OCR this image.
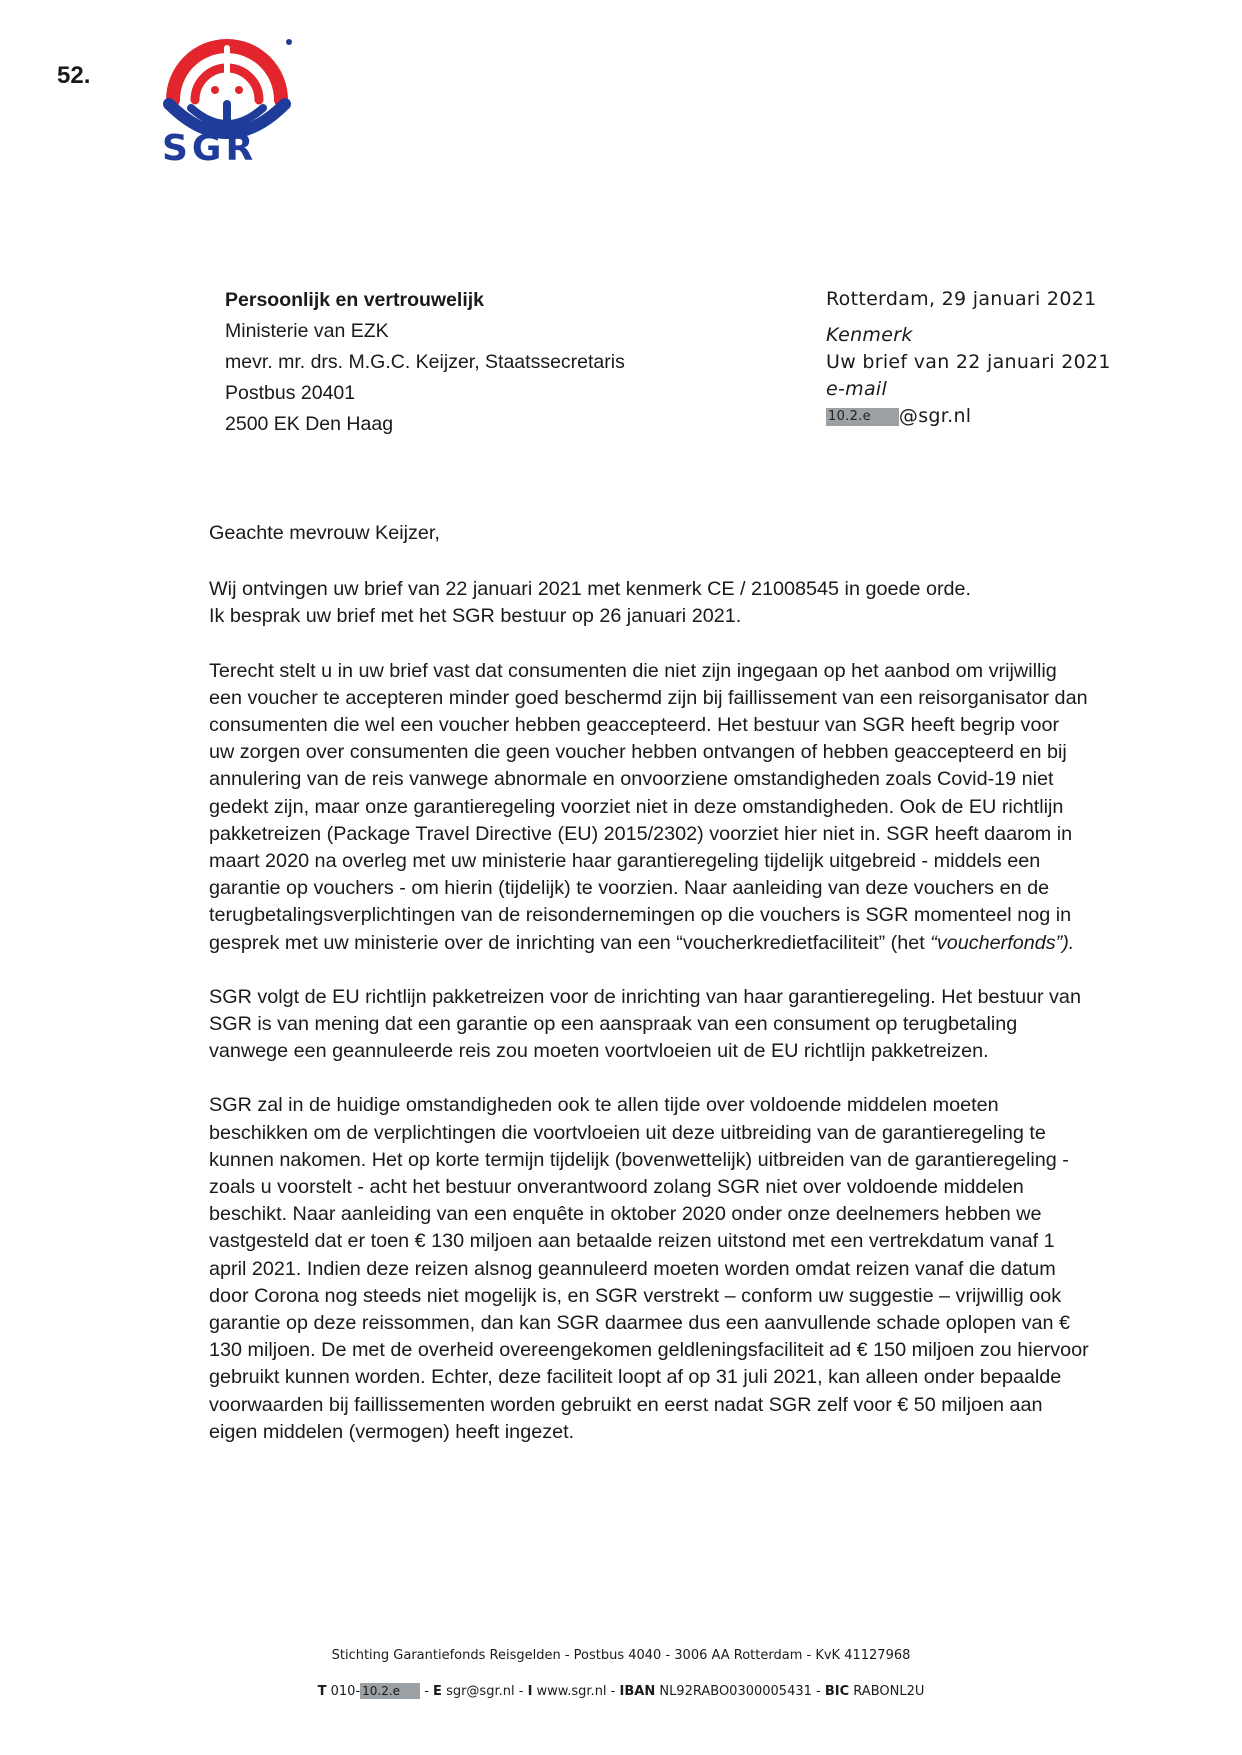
52.
SGR
Persoonlijk en vertrouwelijk
Ministerie van EZK
mevr. mr. drs. M.G.C. Keijzer, Staatssecretaris
Postbus 20401
2500 EK Den Haag
Rotterdam, 29 januari 2021
Kenmerk
Uw brief van 22 januari 2021
e-mail
10.2.e @sgr.nl

Geachte mevrouw Keijzer,

Wij ontvingen uw brief van 22 januari 2021 met kenmerk CE / 21008545 in goede orde.
Ik besprak uw brief met het SGR bestuur op 26 januari 2021.

Terecht stelt u in uw brief vast dat consumenten die niet zijn ingegaan op het aanbod om vrijwillig een voucher te accepteren minder goed beschermd zijn bij faillissement van een reisorganisator dan consumenten die wel een voucher hebben geaccepteerd. Het bestuur van SGR heeft begrip voor uw zorgen over consumenten die geen voucher hebben ontvangen of hebben geaccepteerd en bij annulering van de reis vanwege abnormale en onvoorziene omstandigheden zoals Covid-19 niet gedekt zijn, maar onze garantieregeling voorziet niet in deze omstandigheden. Ook de EU richtlijn pakketreizen (Package Travel Directive (EU) 2015/2302) voorziet hier niet in. SGR heeft daarom in maart 2020 na overleg met uw ministerie haar garantieregeling tijdelijk uitgebreid - middels een garantie op vouchers - om hierin (tijdelijk) te voorzien. Naar aanleiding van deze vouchers en de terugbetalingsverplichtingen van de reisondernemingen op die vouchers is SGR momenteel nog in gesprek met uw ministerie over de inrichting van een “voucherkredietfaciliteit” (het “voucherfonds”).

SGR volgt de EU richtlijn pakketreizen voor de inrichting van haar garantieregeling. Het bestuur van SGR is van mening dat een garantie op een aanspraak van een consument op terugbetaling vanwege een geannuleerde reis zou moeten voortvloeien uit de EU richtlijn pakketreizen.

SGR zal in de huidige omstandigheden ook te allen tijde over voldoende middelen moeten beschikken om de verplichtingen die voortvloeien uit deze uitbreiding van de garantieregeling te kunnen nakomen. Het op korte termijn tijdelijk (bovenwettelijk) uitbreiden van de garantieregeling - zoals u voorstelt - acht het bestuur onverantwoord zolang SGR niet over voldoende middelen beschikt. Naar aanleiding van een enquête in oktober 2020 onder onze deelnemers hebben we vastgesteld dat er toen € 130 miljoen aan betaalde reizen uitstond met een vertrekdatum vanaf 1 april 2021. Indien deze reizen alsnog geannuleerd moeten worden omdat reizen vanaf die datum door Corona nog steeds niet mogelijk is, en SGR verstrekt – conform uw suggestie – vrijwillig ook garantie op deze reissommen, dan kan SGR daarmee dus een aanvullende schade oplopen van € 130 miljoen. De met de overheid overeengekomen geldleningsfaciliteit ad € 150 miljoen zou hiervoor gebruikt kunnen worden. Echter, deze faciliteit loopt af op 31 juli 2021, kan alleen onder bepaalde voorwaarden bij faillissementen worden gebruikt en eerst nadat SGR zelf voor € 50 miljoen aan eigen middelen (vermogen) heeft ingezet.

Stichting Garantiefonds Reisgelden - Postbus 4040 - 3006 AA Rotterdam - KvK 41127968
T 010- 10.2.e - E sgr@sgr.nl - I www.sgr.nl - IBAN NL92RABO0300005431 - BIC RABONL2U
